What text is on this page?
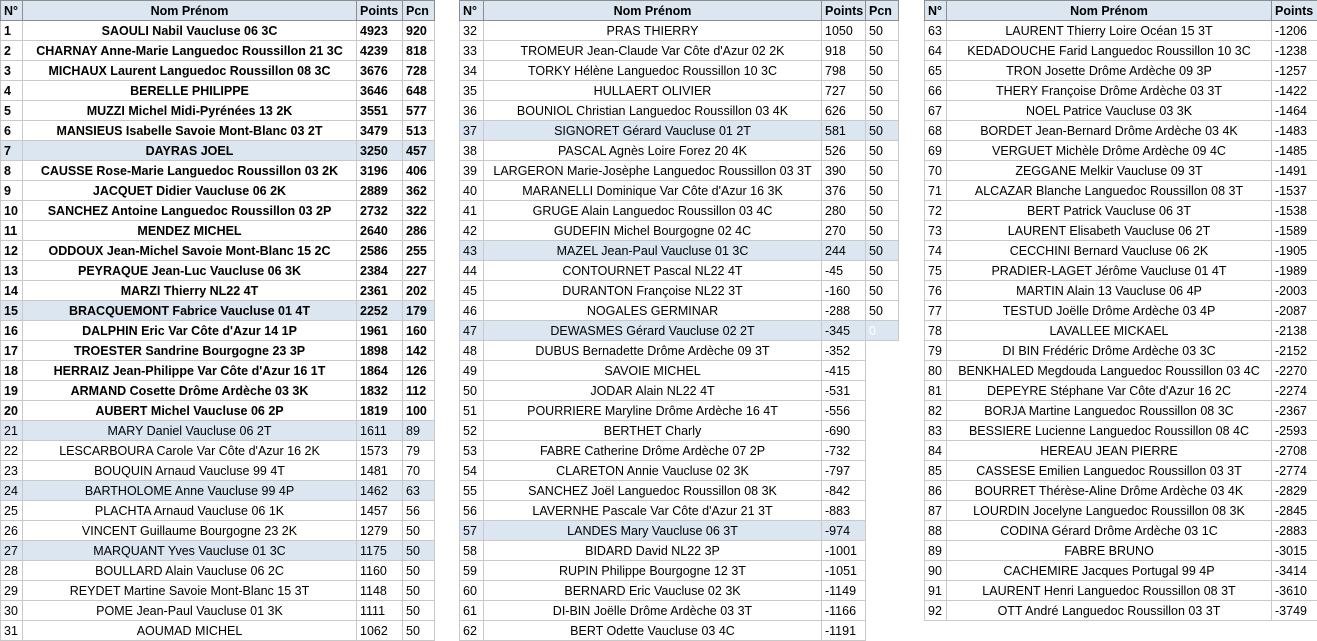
N°	Nom Prénom	Points	Pcn
1	SAOULI Nabil Vaucluse 06 3C	4923	920
2	CHARNAY Anne-Marie Languedoc Roussillon 21 3C	4239	818
3	MICHAUX Laurent Languedoc Roussillon 08 3C	3676	728
4	BERELLE PHILIPPE	3646	648
5	MUZZI Michel Midi-Pyrénées 13 2K	3551	577
6	MANSIEUS Isabelle Savoie Mont-Blanc 03 2T	3479	513
7	DAYRAS JOEL	3250	457
8	CAUSSE Rose-Marie Languedoc Roussillon 03 2K	3196	406
9	JACQUET Didier Vaucluse 06 2K	2889	362
10	SANCHEZ Antoine Languedoc Roussillon 03 2P	2732	322
11	MENDEZ MICHEL	2640	286
12	ODDOUX Jean-Michel Savoie Mont-Blanc 15 2C	2586	255
13	PEYRAQUE Jean-Luc Vaucluse 06 3K	2384	227
14	MARZI Thierry NL22 4T	2361	202
15	BRACQUEMONT Fabrice Vaucluse 01 4T	2252	179
16	DALPHIN Eric Var Côte d'Azur 14 1P	1961	160
17	TROESTER Sandrine Bourgogne 23 3P	1898	142
18	HERRAIZ Jean-Philippe Var Côte d'Azur 16 1T	1864	126
19	ARMAND Cosette Drôme Ardèche 03 3K	1832	112
20	AUBERT Michel Vaucluse 06 2P	1819	100
21	MARY Daniel Vaucluse 06 2T	1611	89
22	LESCARBOURA Carole Var Côte d'Azur 16 2K	1573	79
23	BOUQUIN Arnaud Vaucluse 99 4T	1481	70
24	BARTHOLOME Anne Vaucluse 99 4P	1462	63
25	PLACHTA Arnaud Vaucluse 06 1K	1457	56
26	VINCENT Guillaume Bourgogne 23 2K	1279	50
27	MARQUANT Yves Vaucluse 01 3C	1175	50
28	BOULLARD Alain Vaucluse 06 2C	1160	50
29	REYDET Martine Savoie Mont-Blanc 15 3T	1148	50
30	POME Jean-Paul Vaucluse 01 3K	1111	50
31	AOUMAD MICHEL	1062	50
N°	Nom Prénom	Points	Pcn
32	PRAS THIERRY	1050	50
33	TROMEUR Jean-Claude Var Côte d'Azur 02 2K	918	50
34	TORKY Hélène Languedoc Roussillon 10 3C	798	50
35	HULLAERT OLIVIER	727	50
36	BOUNIOL Christian Languedoc Roussillon 03 4K	626	50
37	SIGNORET Gérard Vaucluse 01 2T	581	50
38	PASCAL Agnès Loire Forez 20 4K	526	50
39	LARGERON Marie-Josèphe Languedoc Roussillon 03 3T	390	50
40	MARANELLI Dominique Var Côte d'Azur 16 3K	376	50
41	GRUGE Alain Languedoc Roussillon 03 4C	280	50
42	GUDEFIN Michel Bourgogne 02 4C	270	50
43	MAZEL Jean-Paul Vaucluse 01 3C	244	50
44	CONTOURNET Pascal NL22 4T	-45	50
45	DURANTON Françoise NL22 3T	-160	50
46	NOGALES GERMINAR	-288	50
47	DEWASMES Gérard Vaucluse 02 2T	-345	0
48	DUBUS Bernadette Drôme Ardèche 09 3T	-352	
49	SAVOIE MICHEL	-415	
50	JODAR Alain NL22 4T	-531	
51	POURRIERE Maryline Drôme Ardèche 16 4T	-556	
52	BERTHET Charly	-690	
53	FABRE Catherine Drôme Ardèche 07 2P	-732	
54	CLARETON Annie Vaucluse 02 3K	-797	
55	SANCHEZ Joël Languedoc Roussillon 08 3K	-842	
56	LAVERNHE Pascale Var Côte d'Azur 21 3T	-883	
57	LANDES Mary Vaucluse 06 3T	-974	
58	BIDARD David NL22 3P	-1001	
59	RUPIN Philippe Bourgogne 12 3T	-1051	
60	BERNARD Eric Vaucluse 02 3K	-1149	
61	DI-BIN Joëlle Drôme Ardèche 03 3T	-1166	
62	BERT Odette Vaucluse 03 4C	-1191	
N°	Nom Prénom	Points
63	LAURENT Thierry Loire Océan 15 3T	-1206
64	KEDADOUCHE Farid Languedoc Roussillon 10 3C	-1238
65	TRON Josette Drôme Ardèche 09 3P	-1257
66	THERY Françoise Drôme Ardèche 03 3T	-1422
67	NOEL Patrice Vaucluse 03 3K	-1464
68	BORDET Jean-Bernard Drôme Ardèche 03 4K	-1483
69	VERGUET Michèle Drôme Ardèche 09 4C	-1485
70	ZEGGANE Melkir Vaucluse 09 3T	-1491
71	ALCAZAR Blanche Languedoc Roussillon 08 3T	-1537
72	BERT Patrick Vaucluse 06 3T	-1538
73	LAURENT Elisabeth Vaucluse 06 2T	-1589
74	CECCHINI Bernard Vaucluse 06 2K	-1905
75	PRADIER-LAGET Jérôme Vaucluse 01 4T	-1989
76	MARTIN Alain 13 Vaucluse 06 4P	-2003
77	TESTUD Joëlle Drôme Ardèche 03 4P	-2087
78	LAVALLEE MICKAEL	-2138
79	DI BIN Frédéric Drôme Ardèche 03 3C	-2152
80	BENKHALED Megdouda Languedoc Roussillon 03 4C	-2270
81	DEPEYRE Stéphane Var Côte d'Azur 16 2C	-2274
82	BORJA Martine Languedoc Roussillon 08 3C	-2367
83	BESSIERE Lucienne Languedoc Roussillon 08 4C	-2593
84	HEREAU JEAN PIERRE	-2708
85	CASSESE Emilien Languedoc Roussillon 03 3T	-2774
86	BOURRET Thérèse-Aline Drôme Ardèche 03 4K	-2829
87	LOURDIN Jocelyne Languedoc Roussillon 08 3K	-2845
88	CODINA Gérard Drôme Ardèche 03 1C	-2883
89	FABRE BRUNO	-3015
90	CACHEMIRE Jacques Portugal 99 4P	-3414
91	LAURENT Henri Languedoc Roussillon 08 3T	-3610
92	OTT André Languedoc Roussillon 03 3T	-3749
